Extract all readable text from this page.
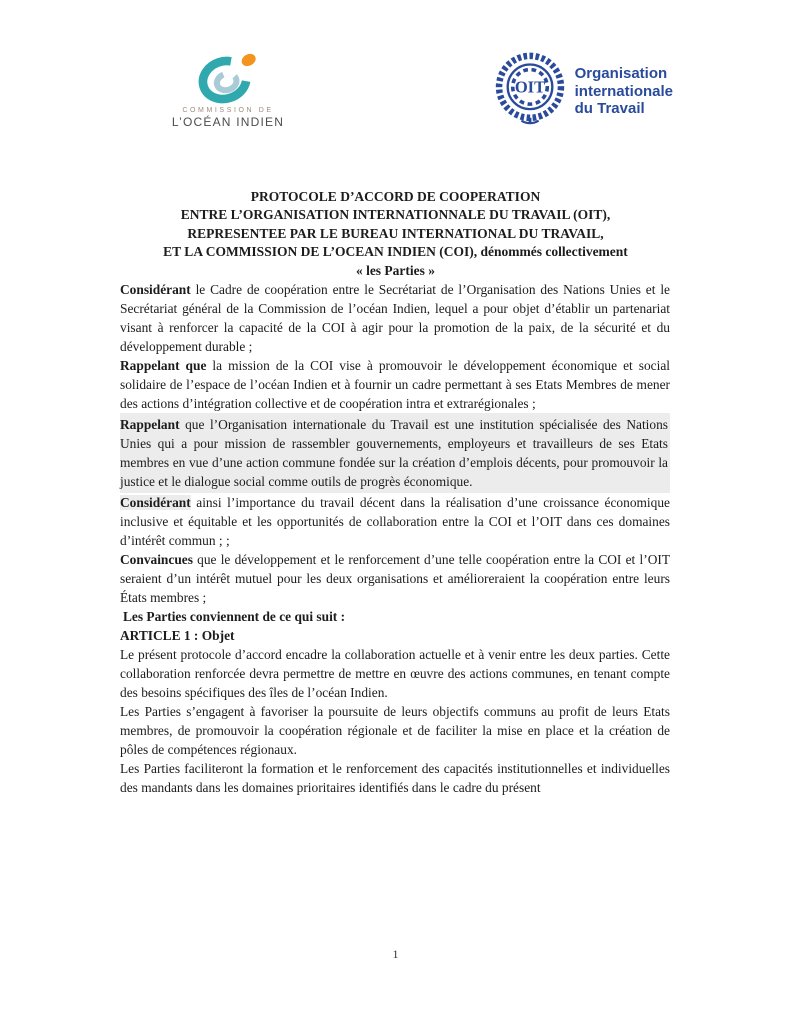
COMMISSION DE
L’OCÉAN INDIEN
OIT
Organisation
internationale
du Travail
PROTOCOLE D’ACCORD DE COOPERATION
ENTRE L’ORGANISATION INTERNATIONNALE DU TRAVAIL (OIT),
REPRESENTEE PAR LE BUREAU INTERNATIONAL DU TRAVAIL,
ET LA COMMISSION DE L’OCEAN INDIEN (COI), dénommés collectivement
« les Parties »

Considérant le Cadre de coopération entre le Secrétariat de l’Organisation des Nations Unies et le Secrétariat général de la Commission de l’océan Indien, lequel a pour objet d’établir un partenariat visant à renforcer la capacité de la COI à agir pour la promotion de la paix, de la sécurité et du développement durable ;

Rappelant que la mission de la COI vise à promouvoir le développement économique et social solidaire de l’espace de l’océan Indien et à fournir un cadre permettant à ses Etats Membres de mener des actions d’intégration collective et de coopération intra et extrarégionales ;

Rappelant que l’Organisation internationale du Travail est une institution spécialisée des Nations Unies qui a pour mission de rassembler gouvernements, employeurs et travailleurs de ses Etats membres en vue d’une action commune fondée sur la création d’emplois décents, pour promouvoir la justice et le dialogue social comme outils de progrès économique.

Considérant ainsi l’importance du travail décent dans la réalisation d’une croissance économique inclusive et équitable et les opportunités de collaboration entre la COI et l’OIT dans ces domaines d’intérêt commun ; ;

Convaincues que le développement et le renforcement d’une telle coopération entre la COI et l’OIT seraient d’un intérêt mutuel pour les deux organisations et amélioreraient la coopération entre leurs États membres ;

Les Parties conviennent de ce qui suit :

ARTICLE 1 : Objet

Le présent protocole d’accord encadre la collaboration actuelle et à venir entre les deux parties. Cette collaboration renforcée devra permettre de mettre en œuvre des actions communes, en tenant compte des besoins spécifiques des îles de l’océan Indien.

Les Parties s’engagent à favoriser la poursuite de leurs objectifs communs au profit de leurs Etats membres, de promouvoir la coopération régionale et de faciliter la mise en place et la création de pôles de compétences régionaux.

Les Parties faciliteront la formation et le renforcement des capacités institutionnelles et individuelles des mandants dans les domaines prioritaires identifiés dans le cadre du présent

1
